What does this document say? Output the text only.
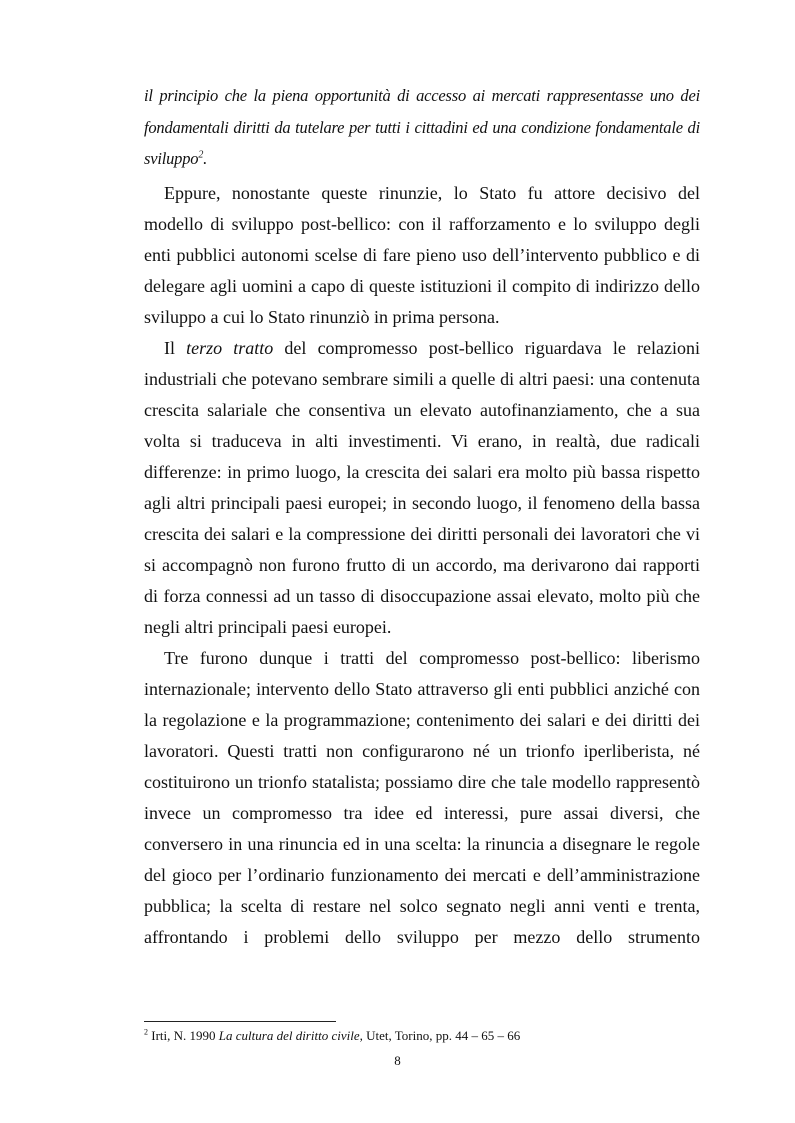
il principio che la piena opportunità di accesso ai mercati rappresentasse uno dei fondamentali diritti da tutelare per tutti i cittadini ed una condizione fondamentale di sviluppo$^2$.

Eppure, nonostante queste rinunzie, lo Stato fu attore decisivo del modello di sviluppo post-bellico: con il rafforzamento e lo sviluppo degli enti pubblici autonomi scelse di fare pieno uso dell’intervento pubblico e di delegare agli uomini a capo di queste istituzioni il compito di indirizzo dello sviluppo a cui lo Stato rinunziò in prima persona.

Il terzo tratto del compromesso post-bellico riguardava le relazioni industriali che potevano sembrare simili a quelle di altri paesi: una contenuta crescita salariale che consentiva un elevato autofinanziamento, che a sua volta si traduceva in alti investimenti. Vi erano, in realtà, due radicali differenze: in primo luogo, la crescita dei salari era molto più bassa rispetto agli altri principali paesi europei; in secondo luogo, il fenomeno della bassa crescita dei salari e la compressione dei diritti personali dei lavoratori che vi si accompagnò non furono frutto di un accordo, ma derivarono dai rapporti di forza connessi ad un tasso di disoccupazione assai elevato, molto più che negli altri principali paesi europei.

Tre furono dunque i tratti del compromesso post-bellico: liberismo internazionale; intervento dello Stato attraverso gli enti pubblici anziché con la regolazione e la programmazione; contenimento dei salari e dei diritti dei lavoratori. Questi tratti non configurarono né un trionfo iperliberista, né costituirono un trionfo statalista; possiamo dire che tale modello rappresentò invece un compromesso tra idee ed interessi, pure assai diversi, che conversero in una rinuncia ed in una scelta: la rinuncia a disegnare le regole del gioco per l’ordinario funzionamento dei mercati e dell’amministrazione pubblica; la scelta di restare nel solco segnato negli anni venti e trenta, affrontando i problemi dello sviluppo per mezzo dello strumento

$^2$ Irti, N. 1990 La cultura del diritto civile, Utet, Torino, pp. 44 – 65 – 66
8
